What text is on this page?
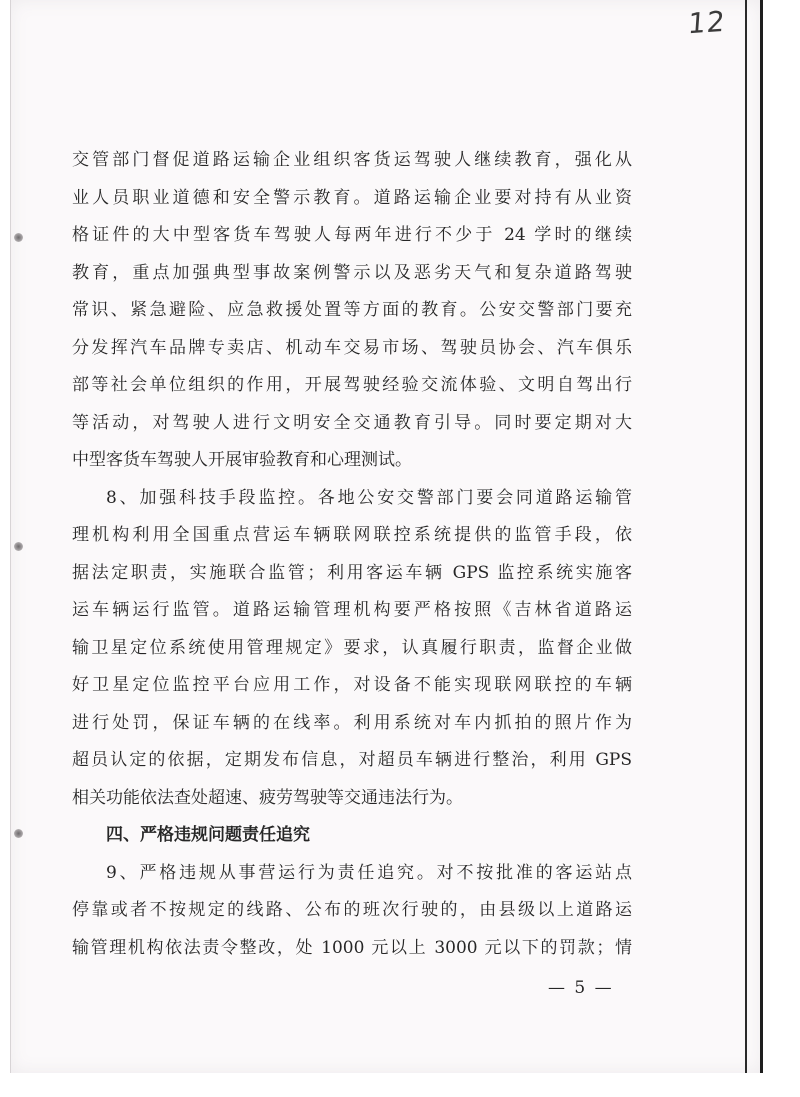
12
交管部门督促道路运输企业组织客货运驾驶人继续教育，强化从
业人员职业道德和安全警示教育。道路运输企业要对持有从业资
格证件的大中型客货车驾驶人每两年进行不少于 24 学时的继续
教育，重点加强典型事故案例警示以及恶劣天气和复杂道路驾驶
常识、紧急避险、应急救援处置等方面的教育。公安交警部门要充
分发挥汽车品牌专卖店、机动车交易市场、驾驶员协会、汽车俱乐
部等社会单位组织的作用，开展驾驶经验交流体验、文明自驾出行
等活动，对驾驶人进行文明安全交通教育引导。同时要定期对大
中型客货车驾驶人开展审验教育和心理测试。
8、加强科技手段监控。各地公安交警部门要会同道路运输管
理机构利用全国重点营运车辆联网联控系统提供的监管手段，依
据法定职责，实施联合监管；利用客运车辆 GPS 监控系统实施客
运车辆运行监管。道路运输管理机构要严格按照《吉林省道路运
输卫星定位系统使用管理规定》要求，认真履行职责，监督企业做
好卫星定位监控平台应用工作，对设备不能实现联网联控的车辆
进行处罚，保证车辆的在线率。利用系统对车内抓拍的照片作为
超员认定的依据，定期发布信息，对超员车辆进行整治，利用 GPS
相关功能依法查处超速、疲劳驾驶等交通违法行为。
四、严格违规问题责任追究
9、严格违规从事营运行为责任追究。对不按批准的客运站点
停靠或者不按规定的线路、公布的班次行驶的，由县级以上道路运
输管理机构依法责令整改，处 1000 元以上 3000 元以下的罚款；情
— 5 —
